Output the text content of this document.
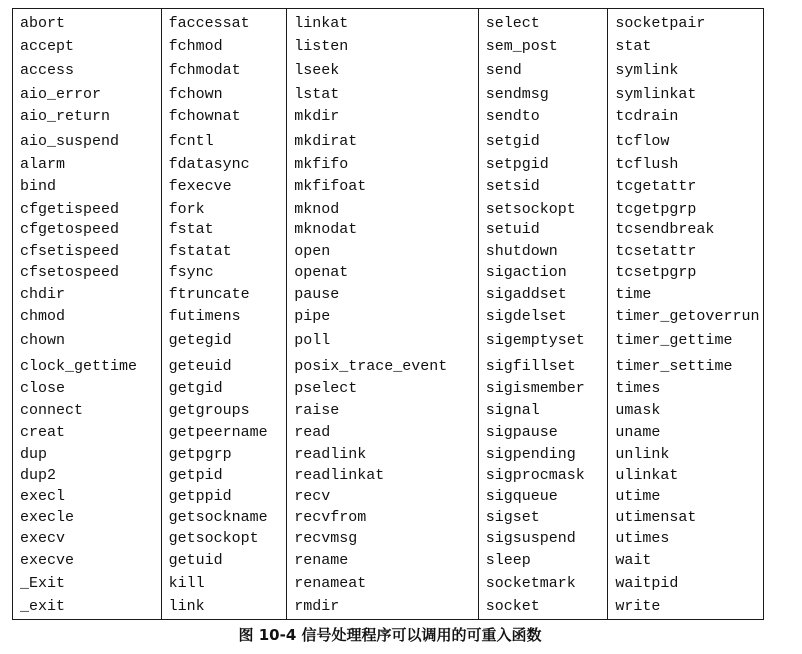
abort
accept
access
aio_error
aio_return
aio_suspend
alarm
bind
cfgetispeed
cfgetospeed
cfsetispeed
cfsetospeed
chdir
chmod
chown
clock_gettime
close
connect
creat
dup
dup2
execl
execle
execv
execve
_Exit
_exit
faccessat
fchmod
fchmodat
fchown
fchownat
fcntl
fdatasync
fexecve
fork
fstat
fstatat
fsync
ftruncate
futimens
getegid
geteuid
getgid
getgroups
getpeername
getpgrp
getpid
getppid
getsockname
getsockopt
getuid
kill
link
linkat
listen
lseek
lstat
mkdir
mkdirat
mkfifo
mkfifoat
mknod
mknodat
open
openat
pause
pipe
poll
posix_trace_event
pselect
raise
read
readlink
readlinkat
recv
recvfrom
recvmsg
rename
renameat
rmdir
select
sem_post
send
sendmsg
sendto
setgid
setpgid
setsid
setsockopt
setuid
shutdown
sigaction
sigaddset
sigdelset
sigemptyset
sigfillset
sigismember
signal
sigpause
sigpending
sigprocmask
sigqueue
sigset
sigsuspend
sleep
socketmark
socket
socketpair
stat
symlink
symlinkat
tcdrain
tcflow
tcflush
tcgetattr
tcgetpgrp
tcsendbreak
tcsetattr
tcsetpgrp
time
timer_getoverrun
timer_gettime
timer_settime
times
umask
uname
unlink
ulinkat
utime
utimensat
utimes
wait
waitpid
write
图 10-4 信号处理程序可以调用的可重入函数
